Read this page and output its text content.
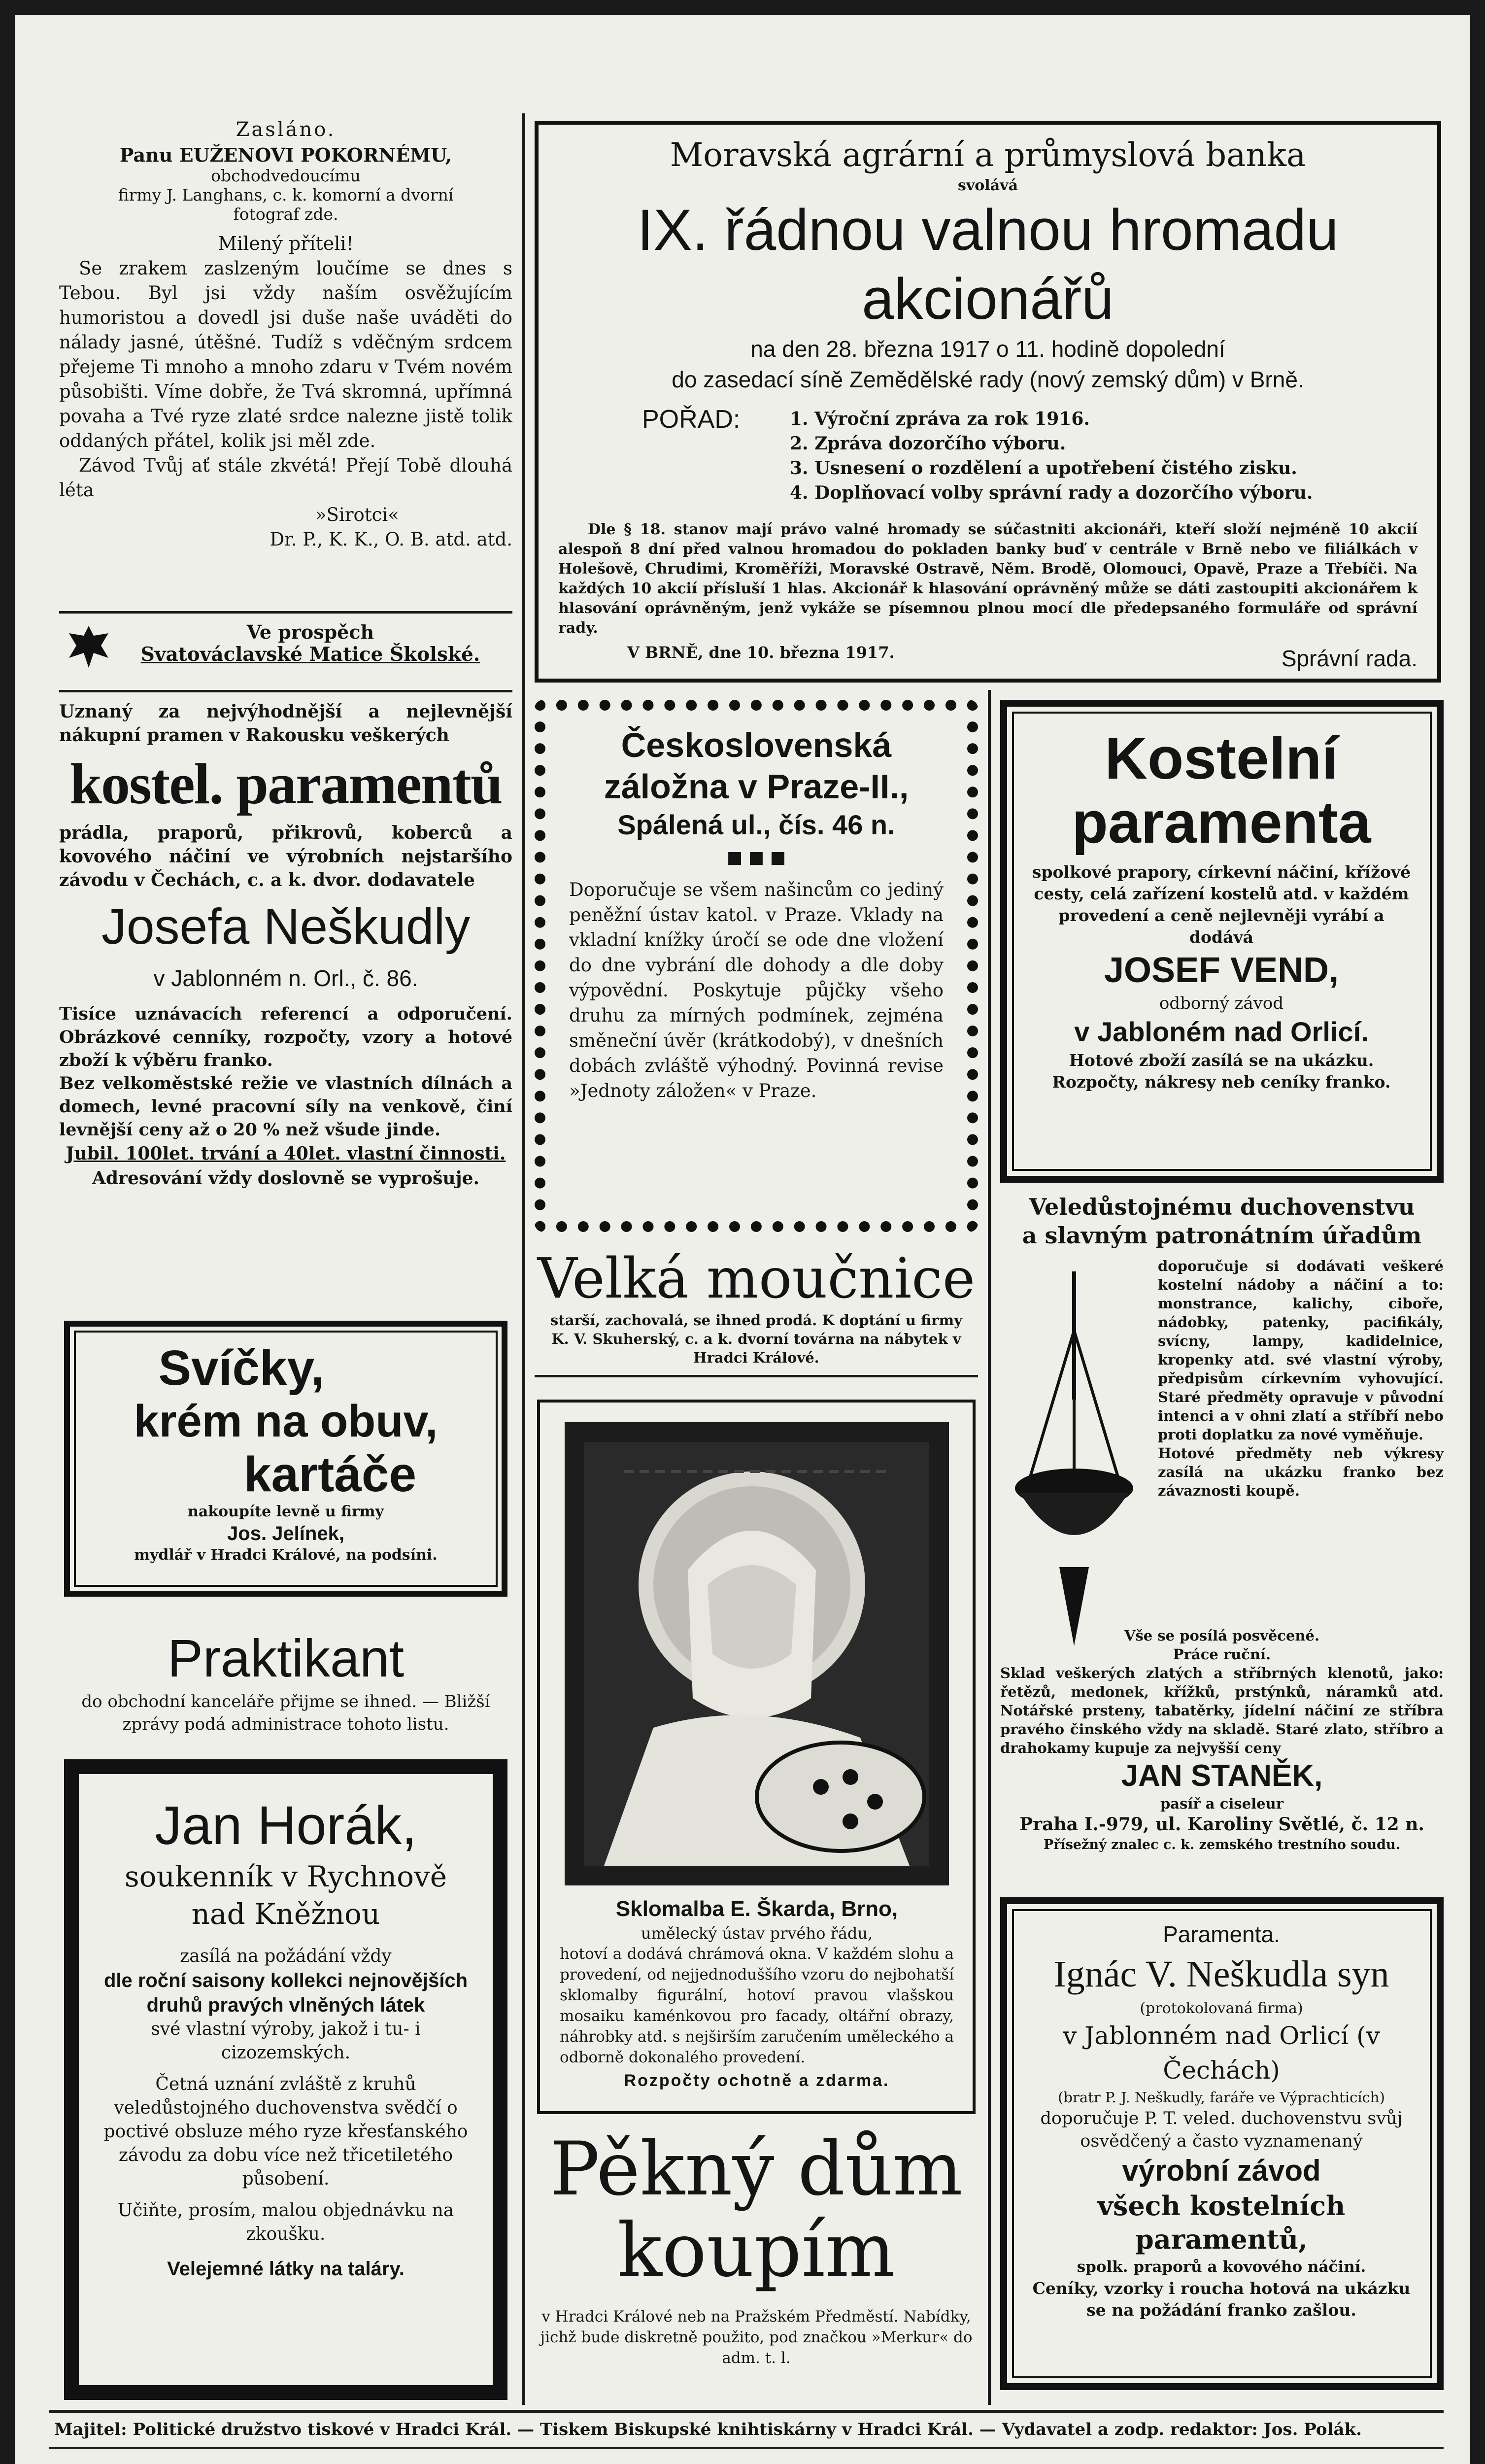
Zasláno.

Panu EUŽENOVI POKORNÉMU,

obchodvedoucímu

firmy J. Langhans, c. k. komorní a dvorní

fotograf zde.

Milený příteli!

Se zrakem zaslzeným loučíme se dnes s Tebou. Byl jsi vždy naším osvěžujícím humoristou a dovedl jsi duše naše uváděti do nálady jasné, útěšné. Tudíž s vděčným srdcem přejeme Ti mnoho a mnoho zdaru v Tvém novém působišti. Víme dobře, že Tvá skromná, upřímná povaha a Tvé ryze zlaté srdce nalezne jistě tolik oddaných přátel, kolik jsi měl zde.

Závod Tvůj ať stále zkvétá! Přejí Tobě dlouhá léta

»Sirotci«

Dr. P., K. K., O. B. atd. atd.

Ve prospěch

Svatováclavské Matice Školské.

Uznaný za nejvýhodnější a nejlevnější nákupní pramen v Rakousku veškerých

kostel. paramentů

prádla, praporů, přikrovů, koberců a kovového náčiní ve výrobních nejstaršího závodu v Čechách, c. a k. dvor. dodavatele

Josefa Neškudly

v Jablonném n. Orl., č. 86.

Tisíce uznávacích referencí a odporučení. Obrázkové cenníky, rozpočty, vzory a hotové zboží k výběru franko.

Bez velkoměstské režie ve vlastních dílnách a domech, levné pracovní síly na venkově, činí levnější ceny až o 20 % než všude jinde.

Jubil. 100let. trvání a 40let. vlastní činnosti.

Adresování vždy doslovně se vyprošuje.

Svíčky,

krém na obuv,

kartáče

nakoupíte levně u firmy

Jos. Jelínek,

mydlář v Hradci Králové, na podsíni.

Praktikant

do obchodní kanceláře přijme se ihned. — Bližší zprávy podá administrace tohoto listu.

Jan Horák,

soukenník v Rychnově

nad Kněžnou

zasílá na požádání vždy

dle roční saisony kollekci nejnovějších druhů pravých vlněných látek

své vlastní výroby, jakož i tu- i cizozemských.

Četná uznání zvláště z kruhů veledůstojného duchovenstva svědčí o poctivé obsluze mého ryze křesťanského závodu za dobu více než třicetiletého působení.

Učiňte, prosím, malou objednávku na zkoušku.

Velejemné látky na taláry.

Moravská agrární a průmyslová banka

svolává

IX. řádnou valnou hromadu akcionářů

na den 28. března 1917 o 11. hodině dopolední

do zasedací síně Zemědělské rady (nový zemský dům) v Brně.

POŘAD:	1. Výroční zpráva za rok 1916.

2. Zpráva dozorčího výboru.

3. Usnesení o rozdělení a upotřebení čistého zisku.

4. Doplňovací volby správní rady a dozorčího výboru.

Dle § 18. stanov mají právo valné hromady se súčastniti akcionáři, kteří složí nejméně 10 akcií alespoň 8 dní před valnou hromadou do pokladen banky buď v centrále v Brně nebo ve filiálkách v Holešově, Chrudimi, Kroměříži, Moravské Ostravě, Něm. Brodě, Olomouci, Opavě, Praze a Třebíči. Na každých 10 akcií přísluší 1 hlas. Akcionář k hlasování oprávněný může se dáti zastoupiti akcionářem k hlasování oprávněným, jenž vykáže se písemnou plnou mocí dle předepsaného formuláře od správní rady.

V BRNĚ, dne 10. března 1917.	Správní rada.

Československá

záložna v Praze-II.,

Spálená ul., čís. 46 n.

■ ■ ■

Doporučuje se všem našincům co jediný peněžní ústav katol. v Praze. Vklady na vkladní knížky úročí se ode dne vložení do dne vybrání dle dohody a dle doby výpovědní. Poskytuje půjčky všeho druhu za mírných podmínek, zejména směneční úvěr (krátkodobý), v dnešních dobách zvláště výhodný. Povinná revise »Jednoty záložen« v Praze.

Velká moučnice

starší, zachovalá, se ihned prodá. K doptání u firmy K. V. Skuherský, c. a k. dvorní továrna na nábytek v Hradci Králové.

Sklomalba E. Škarda, Brno,

umělecký ústav prvého řádu,

hotoví a dodává chrámová okna. V každém slohu a provedení, od nejjednoduššího vzoru do nejbohatší sklomalby figurální, hotoví pravou vlašskou mosaiku kaménkovou pro facady, oltářní obrazy, náhrobky atd. s nejširším zaručením uměleckého a odborně dokonalého provedení.

Rozpočty ochotně a zdarma.

Pěkný dům

koupím

v Hradci Králové neb na Pražském Předměstí. Nabídky, jichž bude diskretně použito, pod značkou »Merkur« do adm. t. l.

Kostelní

paramenta

spolkové prapory, církevní náčiní, křížové cesty, celá zařízení kostelů atd. v každém provedení a ceně nejlevněji vyrábí a dodává

JOSEF VEND,

odborný závod

v Jabloném nad Orlicí.

Hotové zboží zasílá se na ukázku. Rozpočty, nákresy neb ceníky franko.

Veledůstojnému duchovenstvu

a slavným patronátním úřadům

doporučuje si dodávati veškeré kostelní nádoby a náčiní a to: monstrance, kalichy, ciboře, nádobky, patenky, pacifikály, svícny, lampy, kadidelnice, kropenky atd. své vlastní výroby, předpisům církevním vyhovující. Staré předměty opravuje v původní intenci a v ohni zlatí a stříbří nebo proti doplatku za nové vyměňuje.

Hotové předměty neb výkresy zasílá na ukázku franko bez závaznosti koupě.

Vše se posílá posvěcené.

Práce ruční.

Sklad veškerých zlatých a stříbrných klenotů, jako: řetězů, medonek, křížků, prstýnků, náramků atd. Notářské prsteny, tabatěrky, jídelní náčiní ze stříbra pravého činského vždy na skladě. Staré zlato, stříbro a drahokamy kupuje za nejvyšší ceny

JAN STANĚK,

pasíř a ciseleur

Praha I.-979, ul. Karoliny Světlé, č. 12 n.

Přísežný znalec c. k. zemského trestního soudu.

Paramenta.

Ignác V. Neškudla syn

(protokolovaná firma)

v Jablonném nad Orlicí (v Čechách)

(bratr P. J. Neškudly, faráře ve Výprachticích)

doporučuje P. T. veled. duchovenstvu svůj osvědčený a často vyznamenaný

výrobní závod

všech kostelních paramentů,

spolk. praporů a kovového náčiní.

Ceníky, vzorky i roucha hotová na ukázku se na požádání franko zašlou.

Majitel: Politické družstvo tiskové v Hradci Král. — Tiskem Biskupské knihtiskárny v Hradci Král. — Vydavatel a zodp. redaktor: Jos. Polák.
